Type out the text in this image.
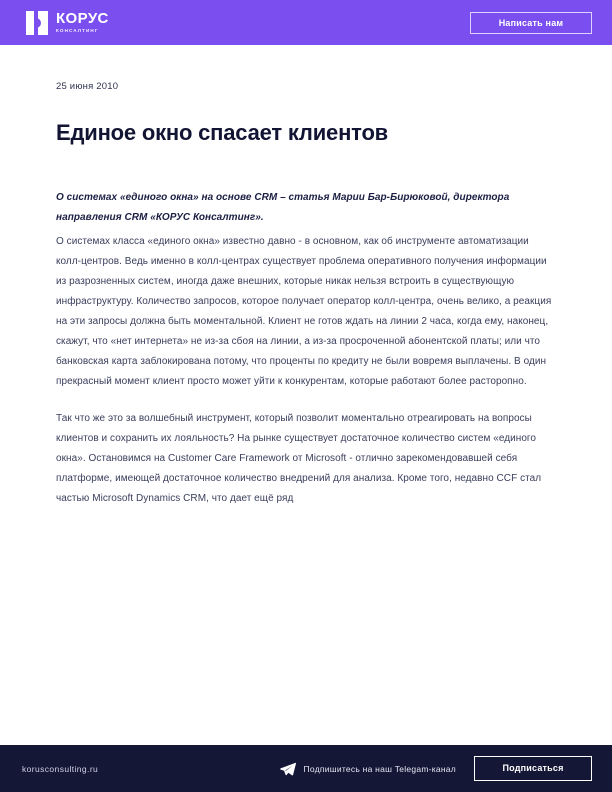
КОРУС
КОНСАЛТИНГ
Написать нам
25 июня 2010
Единое окно спасает клиентов

О системах «единого окна» на основе CRM – статья Марии Бар-Бирюковой, директора направления CRM «КОРУС Консалтинг».

О системах класса «единого окна» известно давно - в основном, как об инструменте автоматизации колл-центров. Ведь именно в колл-центрах существует проблема оперативного получения информации из разрозненных систем, иногда даже внешних, которые никак нельзя встроить в существующую инфраструктуру. Количество запросов, которое получает оператор колл-центра, очень велико, а реакция на эти запросы должна быть моментальной. Клиент не готов ждать на линии 2 часа, когда ему, наконец, скажут, что «нет интернета» не из-за сбоя на линии, а из-за просроченной абонентской платы; или что банковская карта заблокирована потому, что проценты по кредиту не были вовремя выплачены. В один прекрасный момент клиент просто может уйти к конкурентам, которые работают более расторопно.

Так что же это за волшебный инструмент, который позволит моментально отреагировать на вопросы клиентов и сохранить их лояльность? На рынке существует достаточное количество систем «единого окна». Остановимся на Customer Care Framework от Microsoft - отлично зарекомендовавшей себя платформе, имеющей достаточное количество внедрений для анализа. Кроме того, недавно CCF стал частью Microsoft Dynamics CRM, что дает ещё ряд

korusconsulting.ru	Подпишитесь на наш Telegam-канал	Подписаться
